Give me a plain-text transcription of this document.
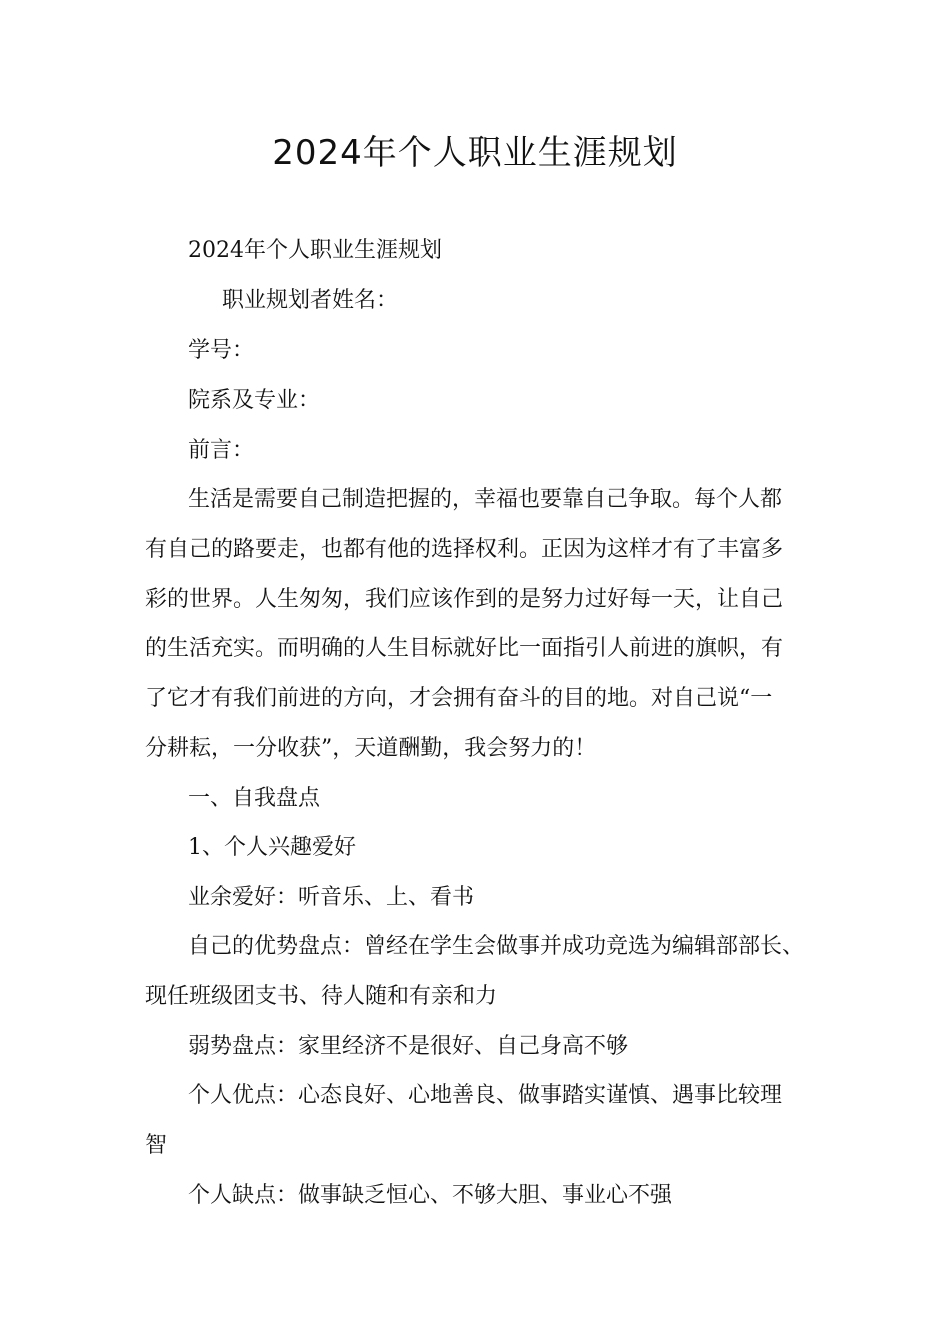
2024年个人职业生涯规划
2024年个人职业生涯规划
职业规划者姓名：
学号：
院系及专业：
前言：
生活是需要自己制造把握的，幸福也要靠自己争取。每个人都
有自己的路要走，也都有他的选择权利。正因为这样才有了丰富多
彩的世界。人生匆匆，我们应该作到的是努力过好每一天，让自己
的生活充实。而明确的人生目标就好比一面指引人前进的旗帜，有
了它才有我们前进的方向，才会拥有奋斗的目的地。对自己说“一
分耕耘，一分收获”，天道酬勤，我会努力的！
一、自我盘点
1、个人兴趣爱好
业余爱好：听音乐、上、看书
自己的优势盘点：曾经在学生会做事并成功竞选为编辑部部长、
现任班级团支书、待人随和有亲和力
弱势盘点：家里经济不是很好、自己身高不够
个人优点：心态良好、心地善良、做事踏实谨慎、遇事比较理
智
个人缺点：做事缺乏恒心、不够大胆、事业心不强
